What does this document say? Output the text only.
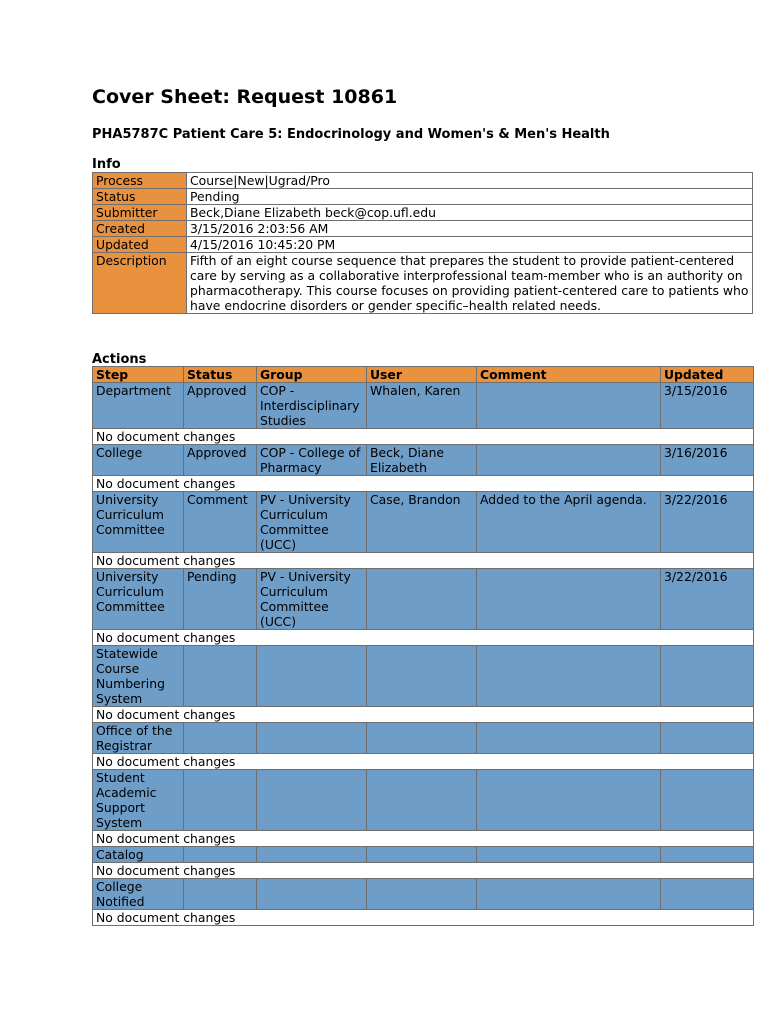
Cover Sheet: Request 10861
PHA5787C Patient Care 5: Endocrinology and Women's & Men's Health
Info
Process	Course|New|Ugrad/Pro
Status	Pending
Submitter	Beck,Diane Elizabeth beck@cop.ufl.edu
Created	3/15/2016 2:03:56 AM
Updated	4/15/2016 10:45:20 PM
Description	Fifth of an eight course sequence that prepares the student to provide patient-centered care by serving as a collaborative interprofessional team-member who is an authority on pharmacotherapy. This course focuses on providing patient-centered care to patients who have endocrine disorders or gender specific–health related needs.
Actions
Step	Status	Group	User	Comment	Updated
Department	Approved	COP - Interdisciplinary Studies	Whalen, Karen		3/15/2016
No document changes					
College	Approved	COP - College of Pharmacy	Beck, Diane Elizabeth		3/16/2016
No document changes					
University Curriculum Committee	Comment	PV - University Curriculum Committee (UCC)	Case, Brandon	Added to the April agenda.	3/22/2016
No document changes					
University Curriculum Committee	Pending	PV - University Curriculum Committee (UCC)			3/22/2016
No document changes					
Statewide Course Numbering System					
No document changes					
Office of the Registrar					
No document changes					
Student Academic Support System					
No document changes					
Catalog					
No document changes					
College Notified					
No document changes					
